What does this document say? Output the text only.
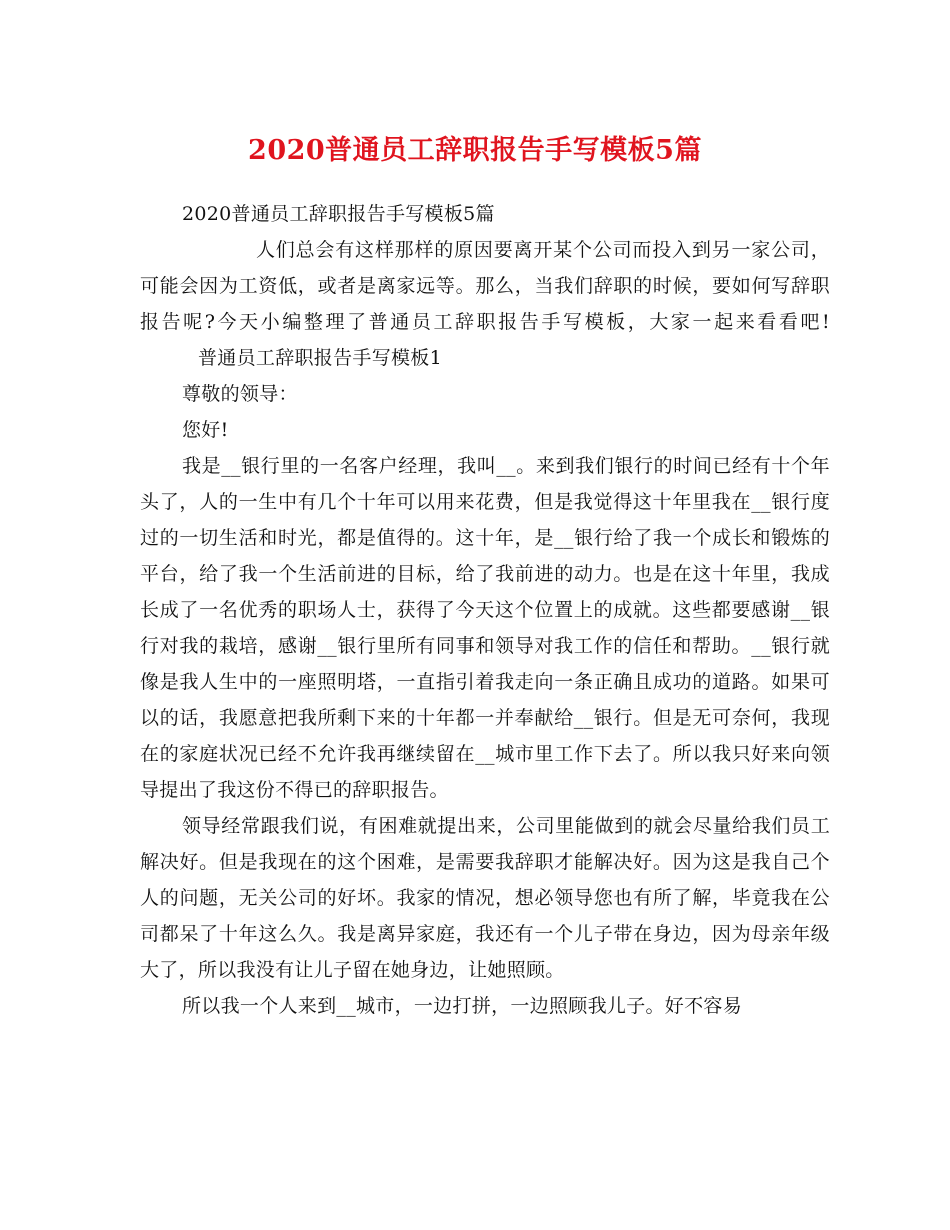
2020普通员工辞职报告手写模板5篇

2020普通员工辞职报告手写模板5篇

人们总会有这样那样的原因要离开某个公司而投入到另一家公司，可能会因为工资低，或者是离家远等。那么，当我们辞职的时候，要如何写辞职报告呢?今天小编整理了普通员工辞职报告手写模板，大家一起来看看吧!普通员工辞职报告手写模板1

尊敬的领导：

您好!

我是__银行里的一名客户经理，我叫__。来到我们银行的时间已经有十个年头了，人的一生中有几个十年可以用来花费，但是我觉得这十年里我在__银行度过的一切生活和时光，都是值得的。这十年，是__银行给了我一个成长和锻炼的平台，给了我一个生活前进的目标，给了我前进的动力。也是在这十年里，我成长成了一名优秀的职场人士，获得了今天这个位置上的成就。这些都要感谢__银行对我的栽培，感谢__银行里所有同事和领导对我工作的信任和帮助。__银行就像是我人生中的一座照明塔，一直指引着我走向一条正确且成功的道路。如果可以的话，我愿意把我所剩下来的十年都一并奉献给__银行。但是无可奈何，我现在的家庭状况已经不允许我再继续留在__城市里工作下去了。所以我只好来向领导提出了我这份不得已的辞职报告。

领导经常跟我们说，有困难就提出来，公司里能做到的就会尽量给我们员工解决好。但是我现在的这个困难，是需要我辞职才能解决好。因为这是我自己个人的问题，无关公司的好坏。我家的情况，想必领导您也有所了解，毕竟我在公司都呆了十年这么久。我是离异家庭，我还有一个儿子带在身边，因为母亲年级大了，所以我没有让儿子留在她身边，让她照顾。

所以我一个人来到__城市，一边打拼，一边照顾我儿子。好不容易
